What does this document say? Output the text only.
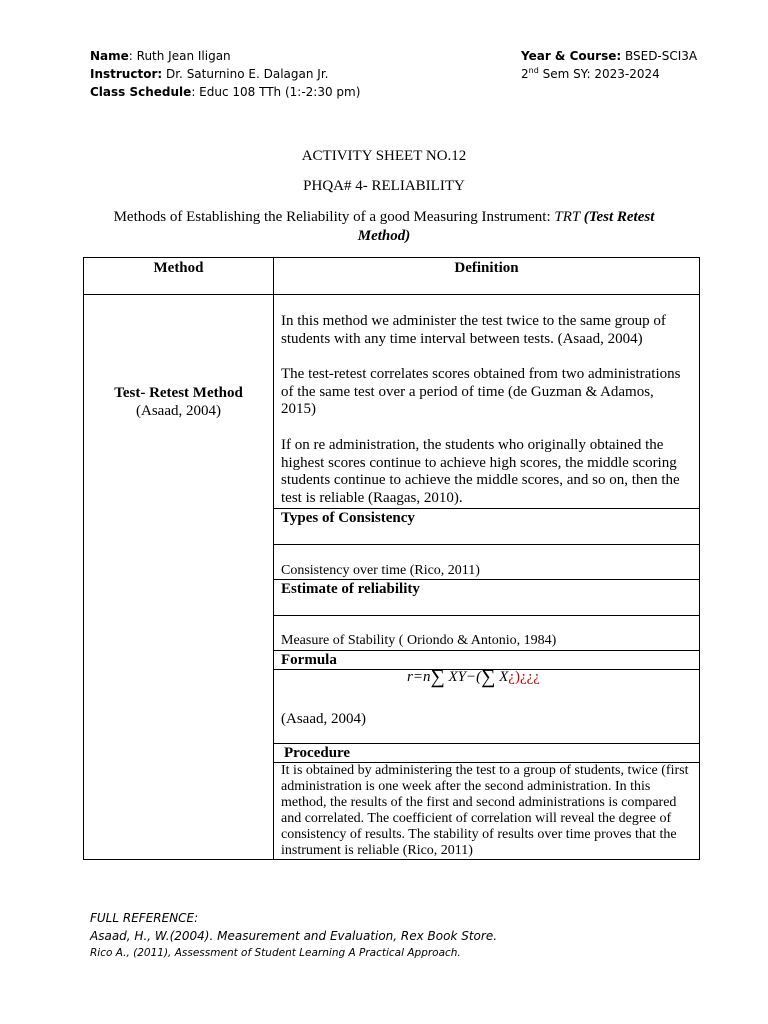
Name: Ruth Jean Iligan
Instructor: Dr. Saturnino E. Dalagan Jr.
Class Schedule: Educ 108 TTh (1:-2:30 pm)
Year & Course: BSED-SCI3A
2nd Sem SY: 2023-2024
ACTIVITY SHEET NO.12
PHQA# 4- RELIABILITY
Methods of Establishing the Reliability of a good Measuring Instrument: TRT (Test Retest Method)
Method	Definition
Test- Retest Method
(Asaad, 2004)
In this method we administer the test twice to the same group of students with any time interval between tests. (Asaad, 2004)
The test-retest correlates scores obtained from two administrations of the same test over a period of time (de Guzman & Adamos, 2015)
If on re administration, the students who originally obtained the highest scores continue to achieve high scores, the middle scoring students continue to achieve the middle scores, and so on, then the test is reliable (Raagas, 2010).
Types of Consistency
Consistency over time (Rico, 2011)
Estimate of reliability
Measure of Stability ( Oriondo & Antonio, 1984)
Formula
r=n∑ XY−(∑ X¿)¿¿¿
(Asaad, 2004)
Procedure
It is obtained by administering the test to a group of students, twice (first administration is one week after the second administration. In this method, the results of the first and second administrations is compared and correlated. The coefficient of correlation will reveal the degree of consistency of results. The stability of results over time proves that the instrument is reliable (Rico, 2011)
FULL REFERENCE:
Asaad, H., W.(2004). Measurement and Evaluation, Rex Book Store.
Rico A., (2011), Assessment of Student Learning A Practical Approach.
